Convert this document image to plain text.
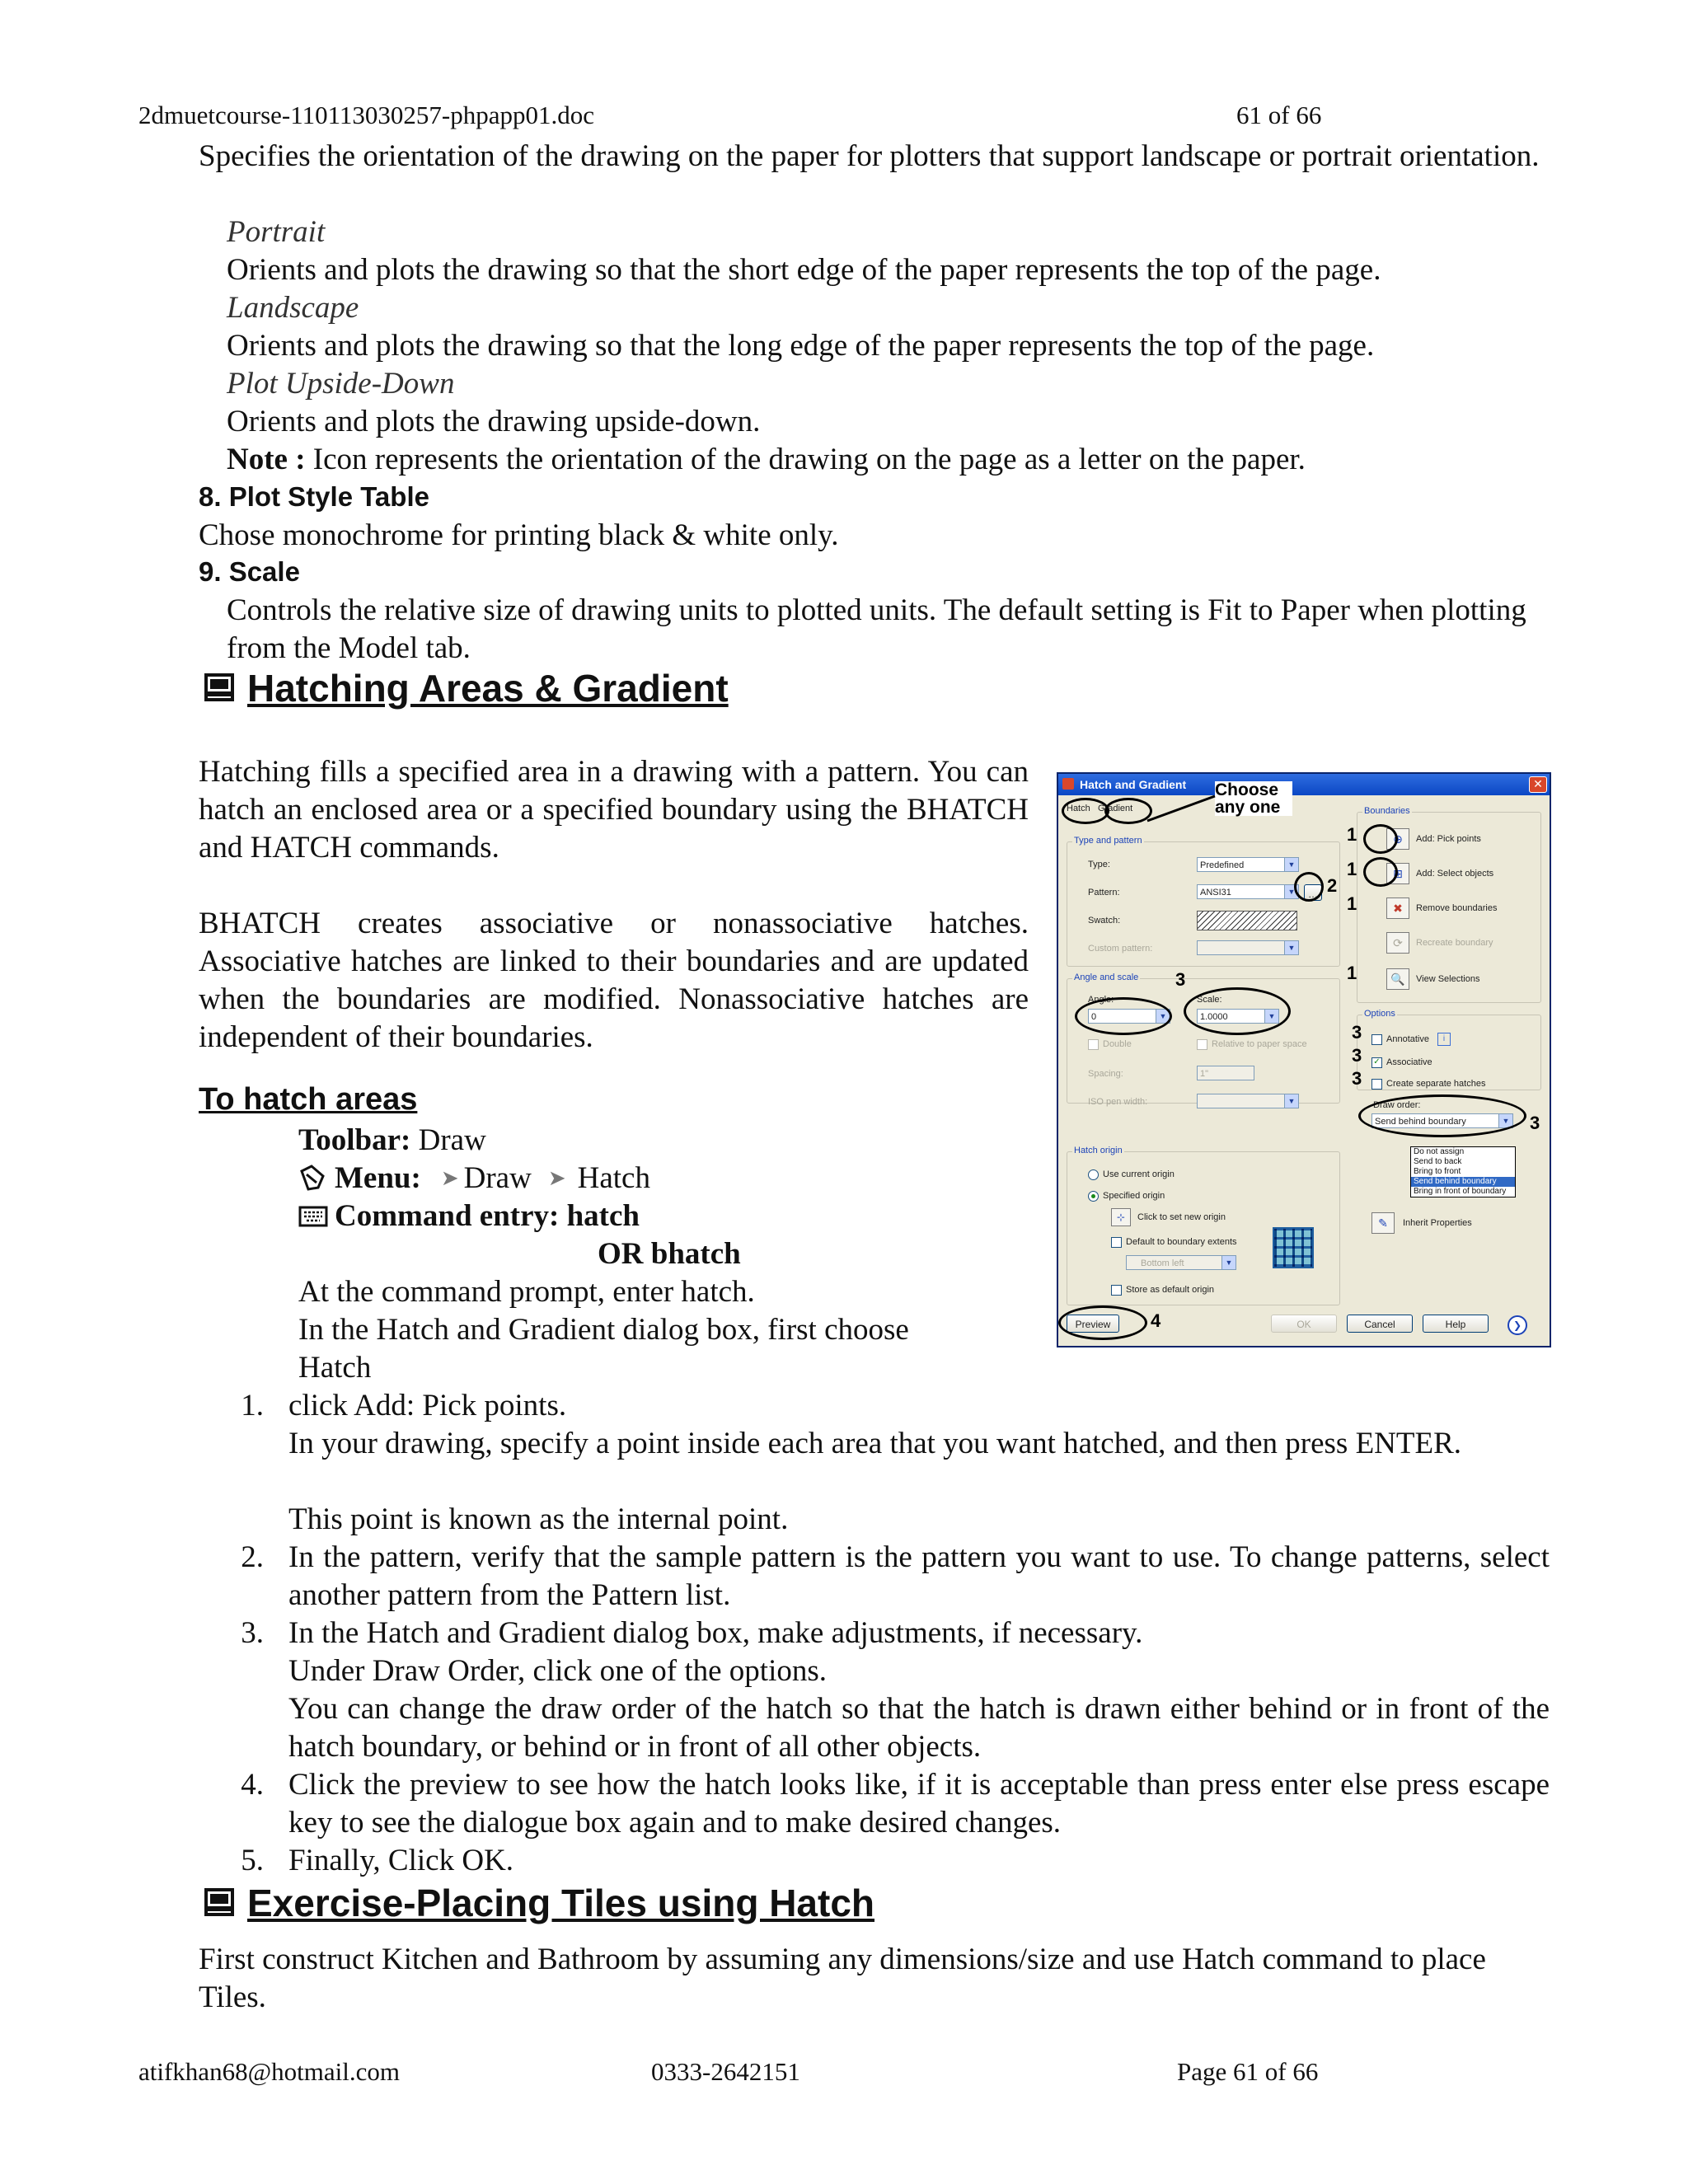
2dmuetcourse-110113030257-phpapp01.doc	61 of 66
Specifies the orientation of the drawing on the paper for plotters that support landscape or portrait orientation.
Portrait
Orients and plots the drawing so that the short edge of the paper represents the top of the page.
Landscape
Orients and plots the drawing so that the long edge of the paper represents the top of the page.
Plot Upside-Down
Orients and plots the drawing upside-down.
Note : Icon represents the orientation of the drawing on the page as a letter on the paper.
8. Plot Style Table
Chose monochrome for printing black & white only.
9. Scale
Controls the relative size of drawing units to plotted units. The default setting is Fit to Paper when plotting from the Model tab.
Hatching Areas & Gradient
Hatching fills a specified area in a drawing with a pattern. You can hatch an enclosed area or a specified boundary using the BHATCH and HATCH commands.
BHATCH creates associative or nonassociative hatches. Associative hatches are linked to their boundaries and are updated when the boundaries are modified. Nonassociative hatches are independent of their boundaries.
To hatch areas
Toolbar: Draw
Menu: ➤ Draw ➤ Hatch
Command entry: hatch
OR bhatch
At the command prompt, enter hatch.
In the Hatch and Gradient dialog box, first choose
Hatch
1. click Add: Pick points.
In your drawing, specify a point inside each area that you want hatched, and then press ENTER.
This point is known as the internal point.
2. In the pattern, verify that the sample pattern is the pattern you want to use. To change patterns, select another pattern from the Pattern list.
3. In the Hatch and Gradient dialog box, make adjustments, if necessary.
Under Draw Order, click one of the options.
You can change the draw order of the hatch so that the hatch is drawn either behind or in front of the hatch boundary, or behind or in front of all other objects.
4. Click the preview to see how the hatch looks like, if it is acceptable than press enter else press escape key to see the dialogue box again and to make desired changes.
5. Finally, Click OK.
Exercise-Placing Tiles using Hatch
First construct Kitchen and Bathroom by assuming any dimensions/size and use Hatch command to place Tiles.
atifkhan68@hotmail.com	0333-2642151	Page 61 of 66
Hatch and Gradient	✕
Hatch Gradient
Type and pattern
Type:	Predefined	▼
Pattern:	ANSI31	▼	…
Swatch:
Custom pattern:	▼
Angle and scale
Angle:
0	▼
Scale:
1.0000	▼
Double	Relative to paper space
Spacing:	1"
ISO pen width:	▼
Hatch origin
Use current origin
Specified origin
⊹	Click to set new origin
Default to boundary extents
Bottom left	▼
Store as default origin
Boundaries
⊕	Add: Pick points
⊞	Add: Select objects
✖	Remove boundaries
⟳	Recreate boundary
🔍	View Selections
Options
Annotative	i
✓ Associative
Create separate hatches
Draw order:
Send behind boundary	▼
✎	Inherit Properties
Preview	OK	Cancel	Help	❯
Do not assign
Send to back
Bring to front
Send behind boundary
Bring in front of boundary
Choose any one
1
1
1
1
2
3
3
3
3
3
4
